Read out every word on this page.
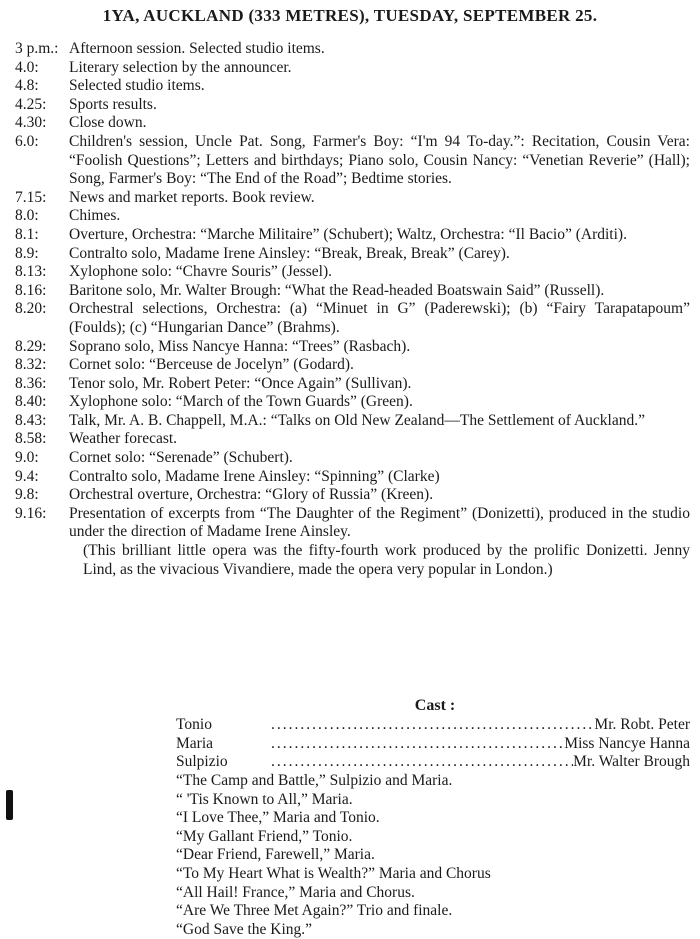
1YA, AUCKLAND (333 METRES), TUESDAY, SEPTEMBER 25.
3 p.m.: Afternoon session. Selected studio items.
4.0:	Literary selection by the announcer.
4.8:	Selected studio items.
4.25:	Sports results.
4.30:	Close down.
6.0:	Children's session, Uncle Pat. Song, Farmer's Boy: “I'm 94 To-day.”: Recitation, Cousin Vera: “Foolish Questions”; Letters and birthdays; Piano solo, Cousin Nancy: “Venetian Reverie” (Hall); Song, Farmer's Boy: “The End of the Road”; Bedtime stories.
7.15:	News and market reports. Book review.
8.0:	Chimes.
8.1:	Overture, Orchestra: “Marche Militaire” (Schubert); Waltz, Orchestra: “Il Bacio” (Arditi).
8.9:	Contralto solo, Madame Irene Ainsley: “Break, Break, Break” (Carey).
8.13:	Xylophone solo: “Chavre Souris” (Jessel).
8.16:	Baritone solo, Mr. Walter Brough: “What the Read-headed Boatswain Said” (Russell).
8.20:	Orchestral selections, Orchestra: (a) “Minuet in G” (Paderewski); (b) “Fairy Tarapatapoum” (Foulds); (c) “Hungarian Dance” (Brahms).
8.29:	Soprano solo, Miss Nancye Hanna: “Trees” (Rasbach).
8.32:	Cornet solo: “Berceuse de Jocelyn” (Godard).
8.36:	Tenor solo, Mr. Robert Peter: “Once Again” (Sullivan).
8.40:	Xylophone solo: “March of the Town Guards” (Green).
8.43:	Talk, Mr. A. B. Chappell, M.A.: “Talks on Old New Zealand—The Settlement of Auckland.”
8.58:	Weather forecast.
9.0:	Cornet solo: “Serenade” (Schubert).
9.4:	Contralto solo, Madame Irene Ainsley: “Spinning” (Clarke)
9.8:	Orchestral overture, Orchestra: “Glory of Russia” (Kreen).
9.16:	Presentation of excerpts from “The Daughter of the Regiment” (Donizetti), produced in the studio under the direction of Madame Irene Ainsley.
(This brilliant little opera was the fifty-fourth work produced by the prolific Donizetti. Jenny Lind, as the vivacious Vivandiere, made the opera very popular in London.)
Cast :
Tonio .....	Mr. Robt. Peter
Maria .....	Miss Nancye Hanna
Sulpizio .....	Mr. Walter Brough
“The Camp and Battle,” Sulpizio and Maria.
“ 'Tis Known to All,” Maria.
“I Love Thee,” Maria and Tonio.
“My Gallant Friend,” Tonio.
“Dear Friend, Farewell,” Maria.
“To My Heart What is Wealth?” Maria and Chorus
“All Hail! France,” Maria and Chorus.
“Are We Three Met Again?” Trio and finale.
“God Save the King.”
